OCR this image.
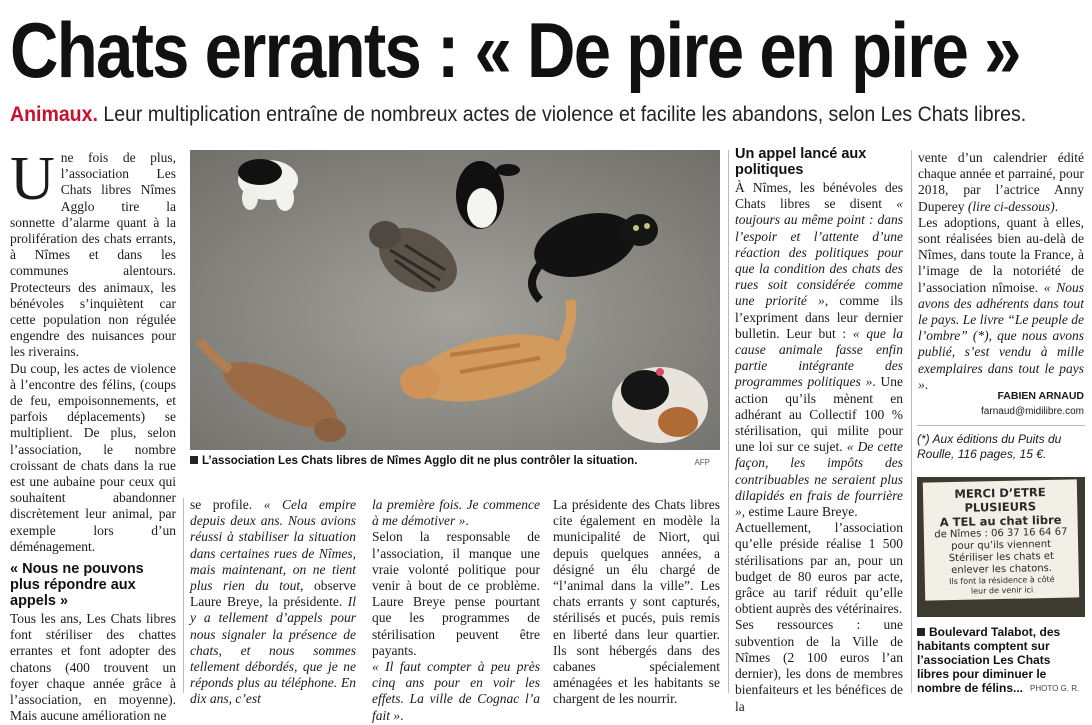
Chats errants : « De pire en pire »
Animaux. Leur multiplication entraîne de nombreux actes de violence et facilite les abandons, selon Les Chats libres.
U ne fois de plus, l’association Les Chats libres Nîmes Agglo tire la sonnette d’alarme quant à la prolifération des chats errants, à Nîmes et dans les communes alentours. Protecteurs des animaux, les bénévoles s’inquiètent car cette population non régulée engendre des nuisances pour les riverains.

Du coup, les actes de violence à l’encontre des félins, (coups de feu, empoisonnements, et parfois déplacements) se multiplient. De plus, selon l’association, le nombre croissant de chats dans la rue est une aubaine pour ceux qui souhaitent abandonner discrètement leur animal, par exemple lors d’un déménagement.

« Nous ne pouvons plus répondre aux appels »

Tous les ans, Les Chats libres font stériliser des chattes errantes et font adopter des chatons (400 trouvent un foyer chaque année grâce à l’association, en moyenne). Mais aucune amélioration ne

L’association Les Chats libres de Nîmes Agglo dit ne plus contrôler la situation.	AFP

se profile. « Cela empire depuis deux ans. Nous avions réussi à stabiliser la situation dans certaines rues de Nîmes, mais maintenant, on ne tient plus rien du tout, observe Laure Breye, la présidente. Il y a tellement d’appels pour nous signaler la présence de chats, et nous sommes tellement débordés, que je ne réponds plus au téléphone. En dix ans, c’est

la première fois. Je commence à me démotiver ».

Selon la responsable de l’association, il manque une vraie volonté politique pour venir à bout de ce problème. Laure Breye pense pourtant que les programmes de stérilisation peuvent être payants.

« Il faut compter à peu près cinq ans pour en voir les effets. La ville de Cognac l’a fait ».

La présidente des Chats libres cite également en modèle la municipalité de Niort, qui depuis quelques années, a désigné un élu chargé de “l’animal dans la ville”. Les chats errants y sont capturés, stérilisés et pucés, puis remis en liberté dans leur quartier. Ils sont hébergés dans des cabanes spécialement aménagées et les habitants se chargent de les nourrir.

Un appel lancé aux politiques

À Nîmes, les bénévoles des Chats libres se disent « toujours au même point : dans l’espoir et l’attente d’une réaction des politiques pour que la condition des chats des rues soit considérée comme une priorité », comme ils l’expriment dans leur dernier bulletin. Leur but : « que la cause animale fasse enfin partie intégrante des programmes politiques ». Une action qu’ils mènent en adhérant au Collectif 100 % stérilisation, qui milite pour une loi sur ce sujet. « De cette façon, les impôts des contribuables ne seraient plus dilapidés en frais de fourrière », estime Laure Breye.

Actuellement, l’association qu’elle préside réalise 1 500 stérilisations par an, pour un budget de 80 euros par acte, grâce au tarif réduit qu’elle obtient auprès des vétérinaires.

Ses ressources : une subvention de la Ville de Nîmes (2 100 euros l’an dernier), les dons de membres bienfaiteurs et les bénéfices de la

vente d’un calendrier édité chaque année et parrainé, pour 2018, par l’actrice Anny Duperey (lire ci-dessous).

Les adoptions, quant à elles, sont réalisées bien au-delà de Nîmes, dans toute la France, à l’image de la notoriété de l’association nîmoise. « Nous avons des adhérents dans tout le pays. Le livre “Le peuple de l’ombre” (*), que nous avons publié, s’est vendu à mille exemplaires dans tout le pays ».

FABIEN ARNAUD
farnaud@midilibre.com
(*) Aux éditions du Puits du Roulle, 116 pages, 15 €.
MERCI D’ETRE PLUSIEURS
A TEL au chat libre
de Nîmes : 06 37 16 64 67
pour qu’ils viennent
Stériliser les chats et
enlever les chatons.
Ils font la résidence à côté
leur de venir ici
Boulevard Talabot, des habitants comptent sur l’association Les Chats libres pour diminuer le nombre de félins... PHOTO G. R.
